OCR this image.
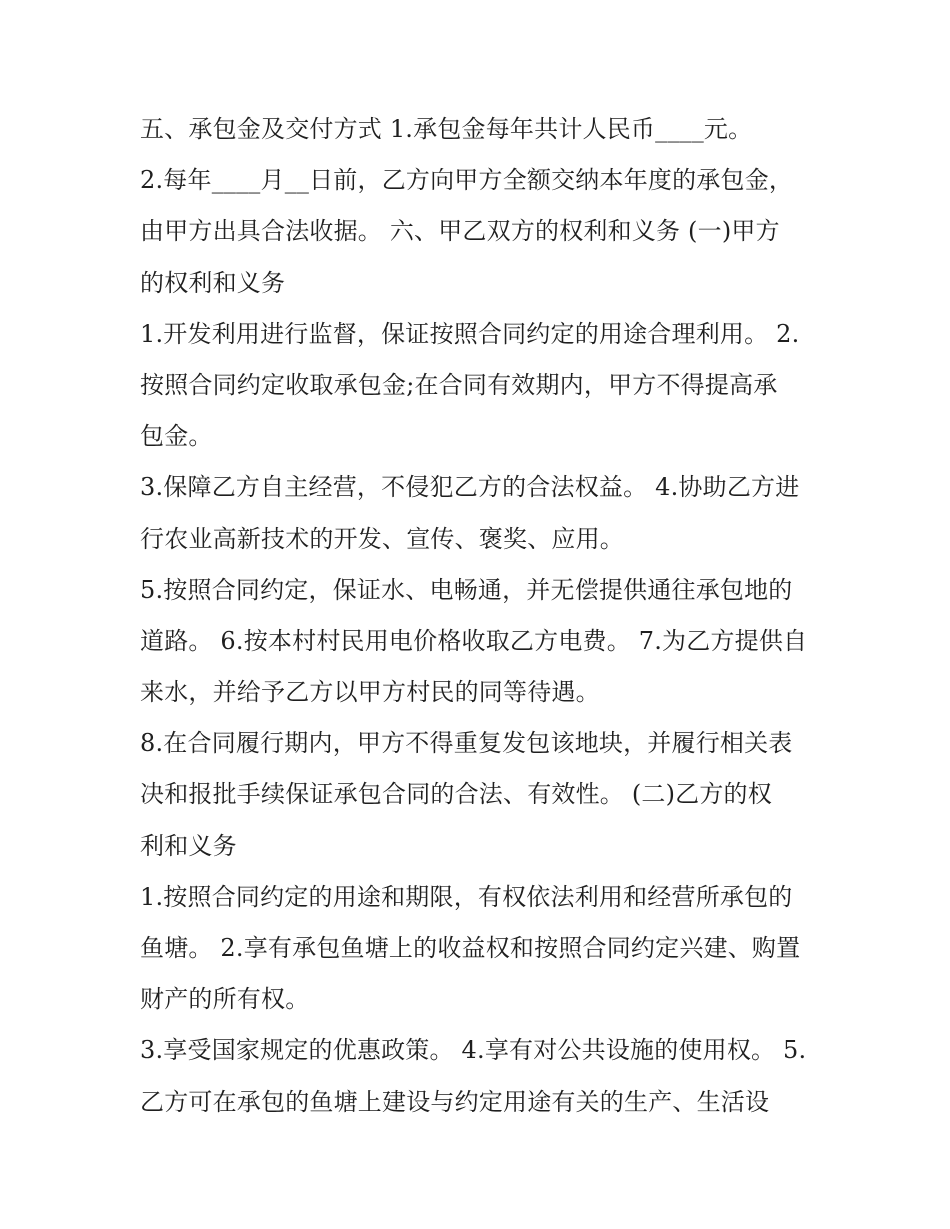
五、承包金及交付方式 1.承包金每年共计人民币____元。
2.每年____月__日前，乙方向甲方全额交纳本年度的承包金，
由甲方出具合法收据。 六、甲乙双方的权利和义务 (一)甲方
的权利和义务
1.开发利用进行监督，保证按照合同约定的用途合理利用。 2.
按照合同约定收取承包金;在合同有效期内，甲方不得提高承
包金。
3.保障乙方自主经营，不侵犯乙方的合法权益。 4.协助乙方进
行农业高新技术的开发、宣传、褒奖、应用。
5.按照合同约定，保证水、电畅通，并无偿提供通往承包地的
道路。 6.按本村村民用电价格收取乙方电费。 7.为乙方提供自
来水，并给予乙方以甲方村民的同等待遇。
8.在合同履行期内，甲方不得重复发包该地块，并履行相关表
决和报批手续保证承包合同的合法、有效性。 (二)乙方的权
利和义务
1.按照合同约定的用途和期限，有权依法利用和经营所承包的
鱼塘。 2.享有承包鱼塘上的收益权和按照合同约定兴建、购置
财产的所有权。
3.享受国家规定的优惠政策。 4.享有对公共设施的使用权。 5.
乙方可在承包的鱼塘上建设与约定用途有关的生产、生活设
